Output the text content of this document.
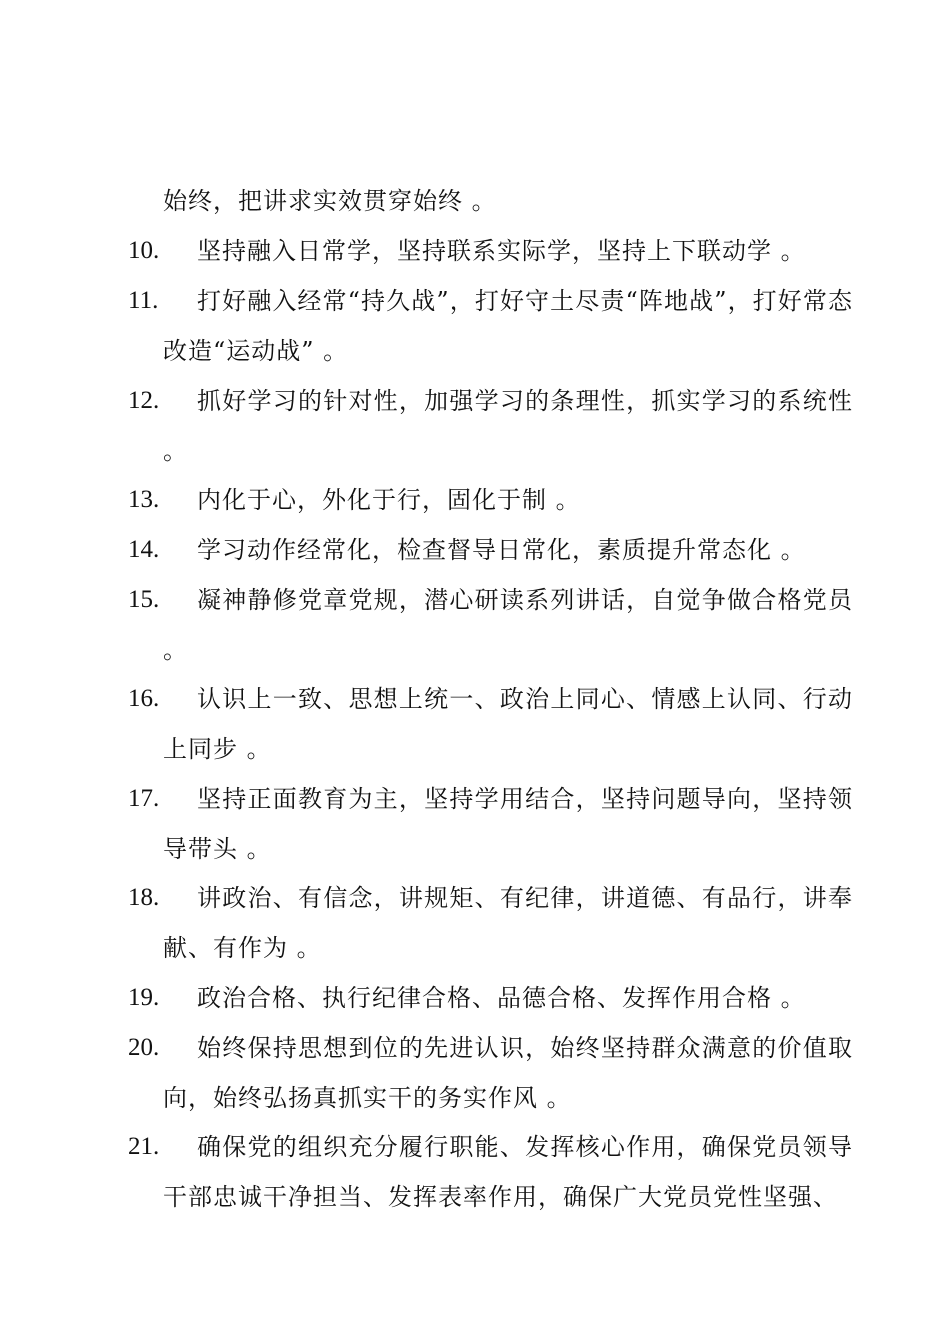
始终，把讲求实效贯穿始终 。
10.	坚持融入日常学，坚持联系实际学，坚持上下联动学 。
11.	打好融入经常“持久战”，打好守土尽责“阵地战”，打好常态改造“运动战” 。
12.	抓好学习的针对性，加强学习的条理性，抓实学习的系统性 。
13.	内化于心，外化于行，固化于制 。
14.	学习动作经常化，检查督导日常化，素质提升常态化 。
15.	凝神静修党章党规，潜心研读系列讲话，自觉争做合格党员 。
16.	认识上一致、思想上统一、政治上同心、情感上认同、行动上同步 。
17.	坚持正面教育为主，坚持学用结合，坚持问题导向，坚持领导带头 。
18.	讲政治、有信念，讲规矩、有纪律，讲道德、有品行，讲奉献、有作为 。
19.	政治合格、执行纪律合格、品德合格、发挥作用合格 。
20.	始终保持思想到位的先进认识，始终坚持群众满意的价值取向，始终弘扬真抓实干的务实作风 。
21.	确保党的组织充分履行职能、发挥核心作用，确保党员领导干部忠诚干净担当、发挥表率作用，确保广大党员党性坚强、
